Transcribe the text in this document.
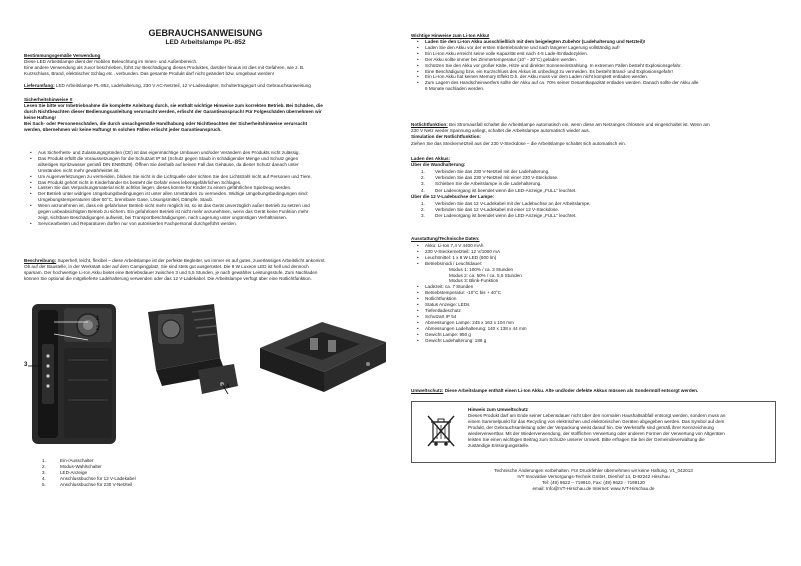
GEBRAUCHSANWEISUNG
LED Arbeitslampe PL-852
Bestimmungsgemäße Verwendung
Diese LED Arbeitslampe dient der mobilen Beleuchtung im Innen- und Außenbereich.
Eine andere Verwendung als zuvor beschrieben, führt zur Beschädigung dieses Produktes, darüber hinaus ist dies mit Gefahren, wie z. B.
Kurzschluss, Brand, elektrischer Schlag etc., verbunden. Das gesamte Produkt darf nicht geändert bzw. umgebaut werden!
Lieferumfang: LED Arbeitslampe PL-852, Ladehalterung, 230 V AC-Netzteil, 12 V-Ladeadapter, Schultertragegurt und Gebrauchsanweisung
Sicherheitshinweise !!
Lesen Sie bitte vor Inbetriebnahme die komplette Anleitung durch, sie enthält wichtige Hinweise zum korrekten Betrieb. Bei Schäden, die
durch Nichtbeachten dieser Bedienungsanleitung verursacht werden, erlischt der Garantieanspruch! Für Folgeschäden übernehmen wir
keine Haftung!
Bei Sach- oder Personenschäden, die durch unsachgemäße Handhabung oder Nichtbeachten der Sicherheitshinweise verursacht
werden, übernehmen wir keine Haftung! In solchen Fällen erlischt jeder Garantieanspruch.
• Aus Sicherheits- und Zulassungsgründen (CE) ist das eigenmächtige Umbauen und/oder Verändern des Produkts nicht zulässig.
• Das Produkt erfüllt die Voraussetzungen für die Schutzart IP 54 (Schutz gegen Staub in schädigender Menge und Schutz gegen
allseitiges Spritzwasser gemäß DIN EN60529). Öffnen Sie deshalb auf keinen Fall das Gehäuse, da dieser Schutz danach unter
Umständen nicht mehr gewährleistet ist.
• Um Augenverletzungen zu vermeiden, blicken Sie nicht in die Lichtquelle oder richten Sie den Lichtstrahl nicht auf Personen und Tiere.
• Das Produkt gehört nicht in Kinderhände! Es besteht die Gefahr eines lebensgefährlichen Schlages.
• Lassen Sie das Verpackungsmaterial nicht achtlos liegen, dieses könnte für Kinder zu einem gefährlichen Spielzeug werden.
• Der Betrieb unter widrigen Umgebungsbedingungen ist unter allen Umständen zu vermeiden. Widrige Umgebungsbedingungen sind:
Umgebungstemperaturen über 50°C, brennbare Gase, Lösungsmittel, Dämpfe, Staub.
• Wenn anzunehmen ist, dass ein gefahrloser Betrieb nicht mehr möglich ist, so ist das Gerät unverzüglich außer Betrieb zu setzen und
gegen unbeabsichtigten Betrieb zu sichern. Ein gefahrloser Betrieb ist nicht mehr anzunehmen, wenn das Gerät keine Funktion mehr
zeigt, sichtbare Beschädigungen aufweist, bei Transportbeschädigungen, nach Lagerung unter ungünstigen Verhältnissen.
• Servicearbeiten und Reparaturen dürfen nur von autorisierten Fachpersonal durchgeführt werden.
Beschreibung: Superhell, leicht, flexibel – diese Arbeitslampe ist der perfekte Begleiter, wo immer es auf gutes, zuverlässiges Arbeitslicht ankommt.
Ob auf der Baustelle, in der Werkstatt oder auf dem Campingplatz, Sie sind stets gut ausgerüstet. Die 8 W Luxeon LED ist hell und dennoch
sparsam. Der hochwertige Li-Ion Akku bietet eine Betriebsdauer zwischen 3 und 5,5 Stunden, je nach gewählter Leistungsstufe. Zum Nachladen
können Sie optional die mitgelieferte Ladehalterung verwenden oder das 12 V-Ladekabel. Die Arbeitslampe verfügt über eine Notlichtfunktion.
1
2
3
4
1.	Ein-/Ausschalter
2.	Modus-Wahlschalter
3.	LED-Anzeige
4.	Anschlussbuchse für 12 V-Ladekabel
5.	Anschlussbuchse für 230 V-Netzteil
Wichtige Hinweise zum Li-Ion Akku!
• Laden Sie den Li-Ion Akku ausschließlich mit dem beigelegten Zubehör (Ladehalterung und Netzteil)!
• Laden Sie den Akku vor der ersten Inbetriebnahme und nach längerer Lagerung vollständig auf!
• Ein Li-Ion Akku erreicht seine volle Kapazität erst nach 4-5 Lade-/Entladezyklen.
• Der Akku sollte immer bei Zimmertemperatur (10° - 30°C) geladen werden.
• Schützen Sie den Akku vor großer Kälte, Hitze und direkter Sonneneinstrahlung. In extremen Fällen besteht Explosionsgefahr.
• Eine Beschädigung bzw. ein Kurzschluss des Akkus ist unbedingt zu vermeiden. Es besteht Brand- und Explosionsgefahr!
• Ein Li-Ion Akku hat keinen Memory Effekt D.h. der Akku muss vor dem Laden nicht komplett entladen werden.
• Zum Lagern des Handscheinwerfers sollte der Akku auf ca. 70% seiner Gesamtkapazität entladen werden. Danach sollte der Akku alle
6 Monate nachladen werden.
Notlichtfunktion: Bei Stromausfall schaltet die Arbeitslampe automatisch ein, wenn diese am Netzanges chlossen und eingeschaltet ist. Wenn am
230 V Netz wieder Spannung anliegt, schaltet die Arbeitslampe automatisch wieder aus.
Simulation der Notlichtfunktion:
Ziehen Sie das Steckernetzteil aus der 230 V-Steckdose – die Arbeitslampe schaltet sich automatisch ein.
Laden des Akkus:
Über die Wandhalterung:
1. Verbinden Sie das 230 V-Netzteil mit der Ladehalterung.
2. Verbinden Sie das 230 V-Netzteil mit einer 230 V-Steckdose.
3. Schieben Sie die Arbeitslampe in die Ladehalterung.
4. Der Ladevorgang ist beendet wenn die LED-Anzeige „FULL“ leuchtet.
Über die 12 V-Ladebuchse der Lampe:
1. Verbinden Sie das 12 V-Ladekabel mit der Ladebuchse an der Arbeitslampe.
2. Verbinden Sie das 12 V-Ladekabel mit einer 12 V-Steckdose.
3. Der Ladevorgang ist beendet wenn die LED-Anzeige „FULL“ leuchtet.
Ausstattung/Technische Daten:
• Akku: Li-Ion 7,4 V 4400 mAh
• 230 V-Steckernetzteil: 12 V/1000 mA
• Leuchtmittel: 1 x 8 W LED (600 lm)
• Betriebsmodi / Leuchtdauer:
Modus 1: 100% / ca. 3 Stunden
Modus 2: ca. 50% / ca. 5,5 Stunden
Modus 3: Blink-Funktion
• Ladezeit: ca. 7 Stunden
• Betriebstemperatur: -10°C bis + 40°C
• Notlichtfunktion
• Status Anzeige: LEDs
• Tiefentladeschutz
• Schutzart IP 54
• Abmessungen Lampe: 245 x 163 x 104 mm
• Abmessungen Ladehalterung: 140 x 138 x 44 mm
• Gewicht Lampe: 950 g
• Gewicht Ladehalterung: 186 g
Umweltschutz: Diese Arbeitslampe enthält einen Li-Ion Akku. Alte und/oder defekte Akkus müssen als Sondermüll entsorgt werden.
Hinweis zum Umweltschutz
Dieses Produkt darf am Ende seiner Lebensdauer nicht über den normalen Haushaltsabfall entsorgt werden, sondern muss an
einem Sammelpunkt für das Recycling von elektrischen und elektronischen Geräten abgegeben werden. Das Symbol auf dem
Produkt, der Gebrauchsanleitung oder der Verpackung weist darauf hin. Die Werkstoffe sind gemäß ihrer Kennzeichnung
wiederverwertbar. Mit der Wiederverwendung, der stofflichen Verwertung oder anderen Formen der Verwertung von Altgeräten
leisten Sie einen wichtigen Beitrag zum Schutze unserer Umwelt. Bitte erfragen Sie bei der Gemeindeverwaltung die
zuständige Entsorgungsstelle.
Technische Änderungen vorbehalten. Für Druckfehler übernehmen wir keine Haftung. V1_042013
IVT Innovative Versorgungs-Technik GmbH, Dienhof 14, D-92242 Hirschau
Tel: (49) 9622 – 719910, Fax: (49) 9622 - 7199120
email: Info@IVT-Hirschau.de Internet: www.IVT-Hirschau.de
